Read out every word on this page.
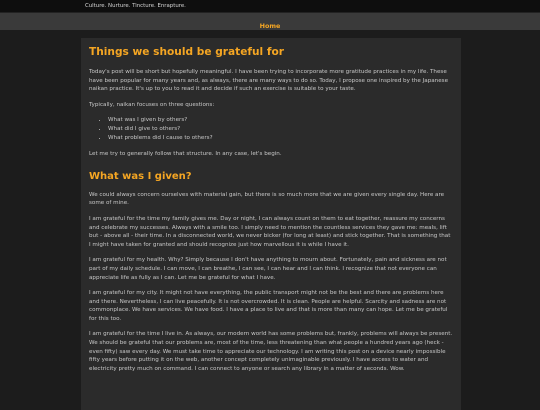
Culture. Nurture. Tincture. Enrapture.
Home
Things we should be grateful for

Today's post will be short but hopefully meaningful. I have been trying to incorporate more gratitude practices in my life. These have been popular for many years and, as always, there are many ways to do so. Today, I propose one inspired by the Japanese naikan practice. It's up to you to read it and decide if such an exercise is suitable to your taste.

Typically, naikan focuses on three questions:

• What was I given by others?
• What did I give to others?
• What problems did I cause to others?

Let me try to generally follow that structure. In any case, let's begin.

What was I given?

We could always concern ourselves with material gain, but there is so much more that we are given every single day. Here are some of mine.

I am grateful for the time my family gives me. Day or night, I can always count on them to eat together, reassure my concerns and celebrate my successes. Always with a smile too. I simply need to mention the countless services they gave me: meals, lift but - above all - their time. In a disconnected world, we never bicker (for long at least) and stick together. That is something that I might have taken for granted and should recognize just how marvellous it is while I have it.

I am grateful for my health. Why? Simply because I don't have anything to mourn about. Fortunately, pain and sickness are not part of my daily schedule. I can move, I can breathe, I can see, I can hear and I can think. I recognize that not everyone can appreciate life as fully as I can. Let me be grateful for what I have.

I am grateful for my city. It might not have everything, the public transport might not be the best and there are problems here and there. Nevertheless, I can live peacefully. It is not overcrowded. It is clean. People are helpful. Scarcity and sadness are not commonplace. We have services. We have food. I have a place to live and that is more than many can hope. Let me be grateful for this too.

I am grateful for the time I live in. As always, our modern world has some problems but, frankly, problems will always be present. We should be grateful that our problems are, most of the time, less threatening than what people a hundred years ago (heck - even fifty) saw every day. We must take time to appreciate our technology. I am writing this post on a device nearly impossible fifty years before putting it on the web, another concept completely unimaginable previously. I have access to water and electricity pretty much on command. I can connect to anyone or search any library in a matter of seconds. Wow.
